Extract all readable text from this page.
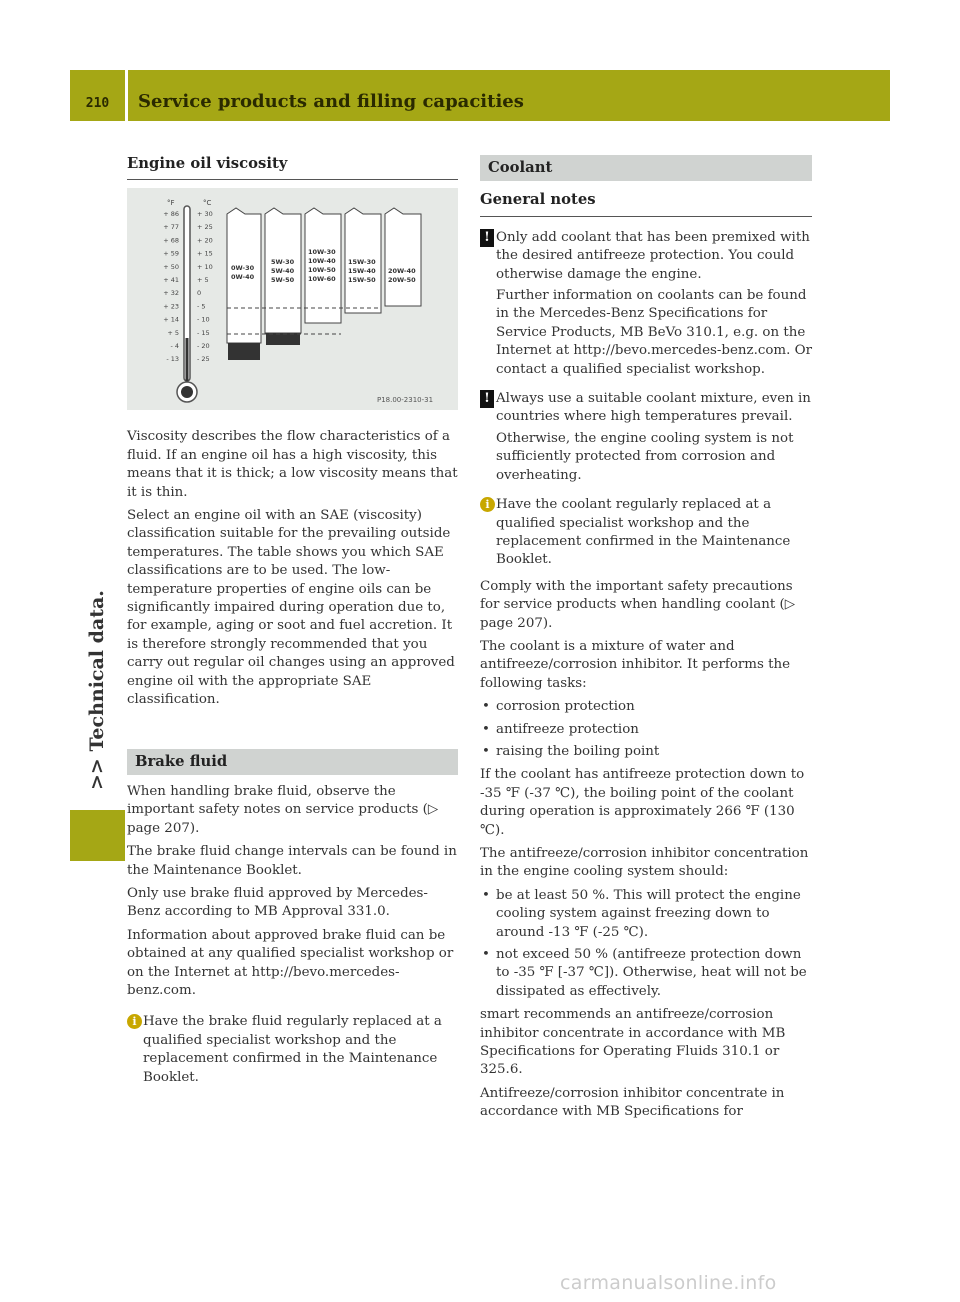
210	Service products and filling capacities
>> Technical data.
Engine oil viscosity
°F	°C
+ 86
+ 77
+ 68
+ 59
+ 50
+ 41
+ 32
+ 23
+ 14
+ 5
- 4
- 13
+ 30
+ 25
+ 20
+ 15
+ 10
+ 5
0
- 5
- 10
- 15
- 20
- 25
0W-30
0W-40
5W-30
5W-40
5W-50
10W-30
10W-40
10W-50
10W-60
15W-30
15W-40
15W-50
20W-40
20W-50
P18.00-2310-31

Viscosity describes the flow characteristics of a fluid. If an engine oil has a high viscosity, this means that it is thick; a low viscosity means that it is thin.

Select an engine oil with an SAE (viscosity) classification suitable for the prevailing outside temperatures. The table shows you which SAE classifications are to be used. The low-temperature properties of engine oils can be significantly impaired during operation due to, for example, aging or soot and fuel accretion. It is therefore strongly recommended that you carry out regular oil changes using an approved engine oil with the appropriate SAE classification.

Brake fluid

When handling brake fluid, observe the important safety notes on service products (▷ page 207).

The brake fluid change intervals can be found in the Maintenance Booklet.

Only use brake fluid approved by Mercedes-Benz according to MB Approval 331.0.

Information about approved brake fluid can be obtained at any qualified specialist workshop or on the Internet at http://bevo.mercedes-benz.com.

i Have the brake fluid regularly replaced at a qualified specialist workshop and the replacement confirmed in the Maintenance Booklet.
Coolant
General notes
! Only add coolant that has been premixed with the desired antifreeze protection. You could otherwise damage the engine.

Further information on coolants can be found in the Mercedes-Benz Specifications for Service Products, MB BeVo 310.1, e.g. on the Internet at http://bevo.mercedes-benz.com. Or contact a qualified specialist workshop.

! Always use a suitable coolant mixture, even in countries where high temperatures prevail.

Otherwise, the engine cooling system is not sufficiently protected from corrosion and overheating.

i Have the coolant regularly replaced at a qualified specialist workshop and the replacement confirmed in the Maintenance Booklet.

Comply with the important safety precautions for service products when handling coolant (▷ page 207).

The coolant is a mixture of water and antifreeze/corrosion inhibitor. It performs the following tasks:

• corrosion protection
• antifreeze protection
• raising the boiling point

If the coolant has antifreeze protection down to -35 ℉ (-37 ℃), the boiling point of the coolant during operation is approximately 266 ℉ (130 ℃).

The antifreeze/corrosion inhibitor concentration in the engine cooling system should:

• be at least 50 %. This will protect the engine cooling system against freezing down to around -13 ℉ (-25 ℃).
• not exceed 50 % (antifreeze protection down to -35 ℉ [-37 ℃]). Otherwise, heat will not be dissipated as effectively.

smart recommends an antifreeze/corrosion inhibitor concentrate in accordance with MB Specifications for Operating Fluids 310.1 or 325.6.

Antifreeze/corrosion inhibitor concentrate in accordance with MB Specifications for

carmanualsonline.info
